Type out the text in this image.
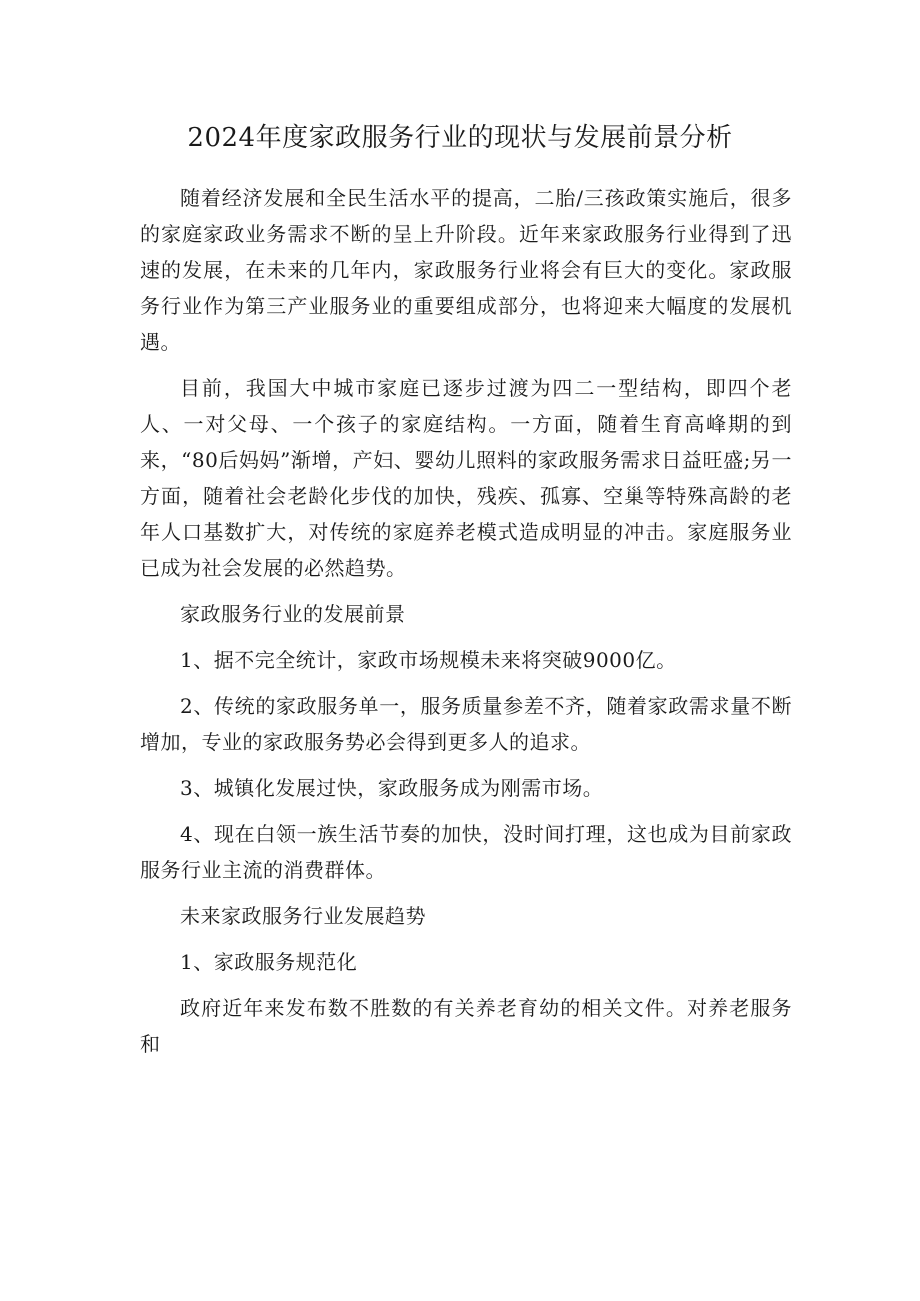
2024年度家政服务行业的现状与发展前景分析

随着经济发展和全民生活水平的提高，二胎/三孩政策实施后，很多的家庭家政业务需求不断的呈上升阶段。近年来家政服务行业得到了迅速的发展，在未来的几年内，家政服务行业将会有巨大的变化。家政服务行业作为第三产业服务业的重要组成部分，也将迎来大幅度的发展机遇。

目前，我国大中城市家庭已逐步过渡为四二一型结构，即四个老人、一对父母、一个孩子的家庭结构。一方面，随着生育高峰期的到来，“80后妈妈”渐增，产妇、婴幼儿照料的家政服务需求日益旺盛;另一方面，随着社会老龄化步伐的加快，残疾、孤寡、空巢等特殊高龄的老年人口基数扩大，对传统的家庭养老模式造成明显的冲击。家庭服务业已成为社会发展的必然趋势。

家政服务行业的发展前景

1、据不完全统计，家政市场规模未来将突破9000亿。

2、传统的家政服务单一，服务质量参差不齐，随着家政需求量不断增加，专业的家政服务势必会得到更多人的追求。

3、城镇化发展过快，家政服务成为刚需市场。

4、现在白领一族生活节奏的加快，没时间打理，这也成为目前家政服务行业主流的消费群体。

未来家政服务行业发展趋势

1、家政服务规范化

政府近年来发布数不胜数的有关养老育幼的相关文件。对养老服务和
